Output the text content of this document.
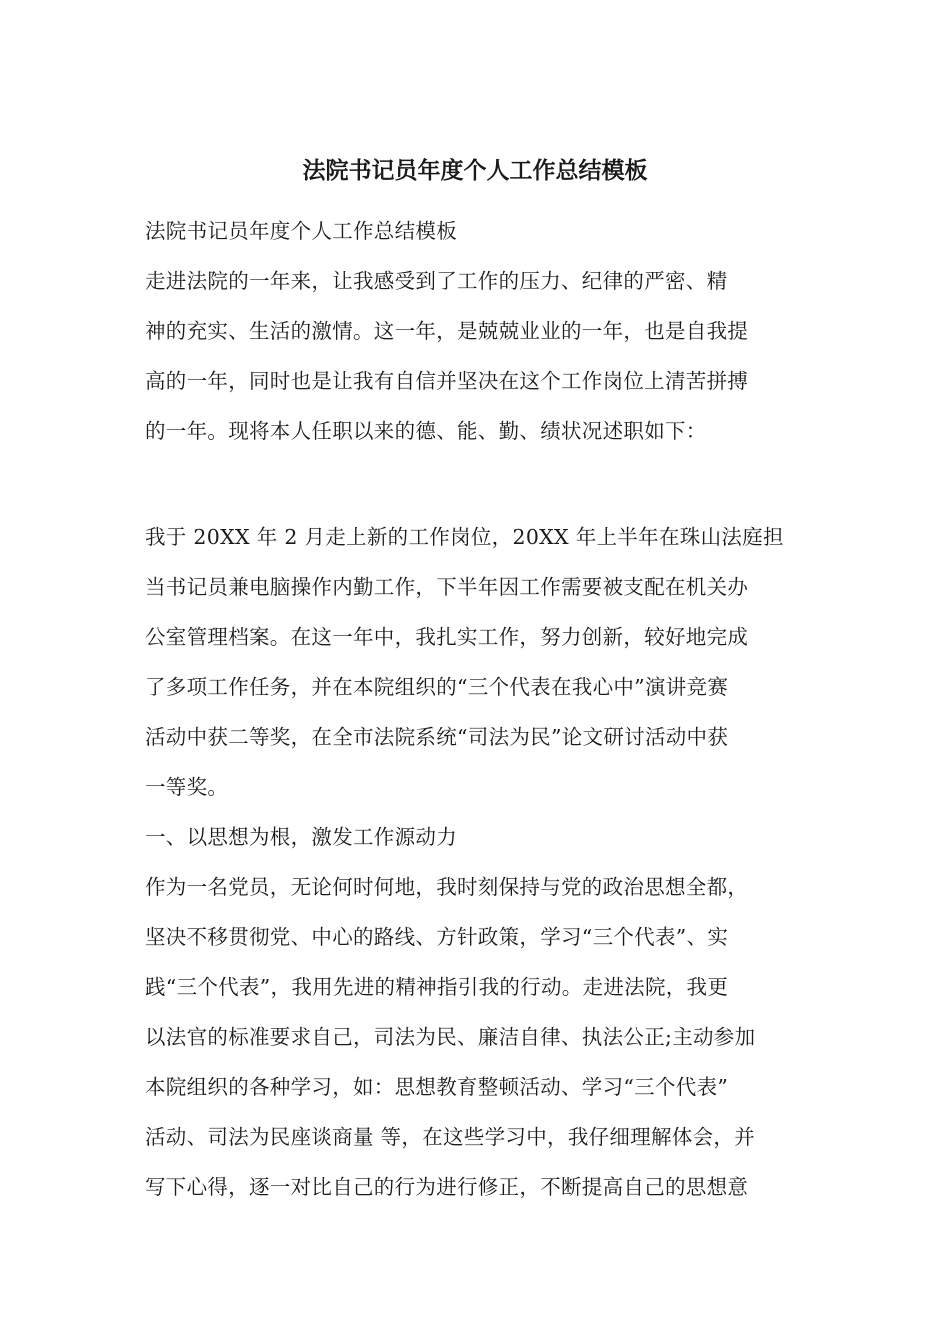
法院书记员年度个人工作总结模板
法院书记员年度个人工作总结模板
走进法院的一年来，让我感受到了工作的压力、纪律的严密、精
神的充实、生活的激情。这一年，是兢兢业业的一年，也是自我提
高的一年，同时也是让我有自信并坚决在这个工作岗位上清苦拼搏
的一年。现将本人任职以来的德、能、勤、绩状况述职如下：
我于 20XX 年 2 月走上新的工作岗位，20XX 年上半年在珠山法庭担
当书记员兼电脑操作内勤工作，下半年因工作需要被支配在机关办
公室管理档案。在这一年中，我扎实工作，努力创新，较好地完成
了多项工作任务，并在本院组织的“三个代表在我心中”演讲竞赛
活动中获二等奖，在全市法院系统“司法为民”论文研讨活动中获
一等奖。
一、以思想为根，激发工作源动力
作为一名党员，无论何时何地，我时刻保持与党的政治思想全都，
坚决不移贯彻党、中心的路线、方针政策，学习“三个代表”、实
践“三个代表”，我用先进的精神指引我的行动。走进法院，我更
以法官的标准要求自己，司法为民、廉洁自律、执法公正;主动参加
本院组织的各种学习，如：思想教育整顿活动、学习“三个代表”
活动、司法为民座谈商量 等，在这些学习中，我仔细理解体会，并
写下心得，逐一对比自己的行为进行修正，不断提高自己的思想意
